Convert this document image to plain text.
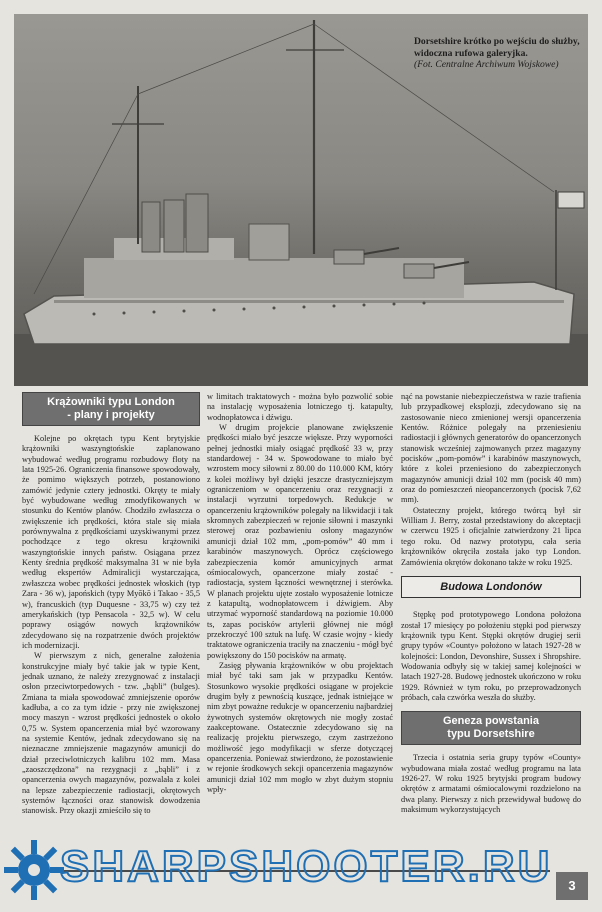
Dorsetshire krótko po wejściu do służby, widoczna rufowa galeryjka.
(Fot. Centralne Archiwum Wojskowe)
Krążowniki typu London
- plany i projekty

Kolejne po okrętach typu Kent brytyjskie krążowniki waszyngtońskie zaplanowano wybudować według programu rozbudowy floty na lata 1925-26. Ograniczenia finansowe spowodowały, że pomimo większych potrzeb, postanowiono zamówić jedynie cztery jednostki. Okręty te miały być wybudowane według zmodyfikowanych w stosunku do Kentów planów. Chodziło zwłaszcza o zwiększenie ich prędkości, która stale się miała porównywalna z prędkościami uzyskiwanymi przez pochodzące z tego okresu krążowniki waszyngtońskie innych państw. Osiągana przez Kenty średnia prędkość maksymalna 31 w nie była według ekspertów Admiralicji wystarczająca, zwłaszcza wobec prędkości jednostek włoskich (typ Zara - 36 w), japońskich (typy Myōkō i Takao - 35,5 w), francuskich (typ Duquesne - 33,75 w) czy też amerykańskich (typ Pensacola - 32,5 w). W celu poprawy osiągów nowych krążowników zdecydowano się na rozpatrzenie dwóch projektów ich modernizacji.

W pierwszym z nich, generalne założenia konstrukcyjne miały być takie jak w typie Kent, jednak uznano, że należy zrezygnować z instalacji osłon przeciwtorpedowych - tzw. „bąbli” (bulges). Zmiana ta miała spowodować zmniejszenie oporów kadłuba, a co za tym idzie - przy nie zwiększonej mocy maszyn - wzrost prędkości jednostek o około 0,75 w. System opancerzenia miał być wzorowany na systemie Kentów, jednak zdecydowano się na nieznaczne zmniejszenie magazynów amunicji do dział przeciwlotniczych kalibru 102 mm. Masa „zaoszczędzona” na rezygnacji z „bąbli” i z opancerzenia owych magazynów, pozwalała z kolei na lepsze zabezpieczenie radiostacji, okrętowych systemów łączności oraz stanowisk dowodzenia stanowisk. Przy okazji zmieściło się to

w limitach traktatowych - można było pozwolić sobie na instalację wyposażenia lotniczego tj. katapulty, wodnopłatowca i dźwigu.

W drugim projekcie planowane zwiększenie prędkości miało być jeszcze większe. Przy wyporności pełnej jednostki miały osiągać prędkość 33 w, przy standardowej - 34 w. Spowodowane to miało być wzrostem mocy siłowni z 80.00 do 110.000 KM, który z kolei możliwy był dzięki jeszcze drastyczniejszym ograniczeniom w opancerzeniu oraz rezygnacji z instalacji wyrzutni torpedowych. Redukcje w opancerzeniu krążowników polegały na likwidacji i tak skromnych zabezpieczeń w rejonie siłowni i maszynki sterowej oraz pozbawieniu osłony magazynów amunicji dział 102 mm, „pom-pomów” 40 mm i karabinów maszynowych. Oprócz częściowego zabezpieczenia komór amunicyjnych armat ośmiocalowych, opancerzone miały zostać - radiostacja, system łączności wewnętrznej i sterówka. W planach projektu ujęte zostało wyposażenie lotnicze z katapultą, wodnopłatowcem i dźwigiem. Aby utrzymać wyporność standardową na poziomie 10.000 ts, zapas pocisków artylerii głównej nie mógł przekroczyć 100 sztuk na lufę. W czasie wojny - kiedy traktatowe ograniczenia traciły na znaczeniu - mógł być powiększony do 150 pocisków na armatę.

Zasięg pływania krążowników w obu projektach miał być taki sam jak w przypadku Kentów. Stosunkowo wysokie prędkości osiągane w projekcie drugim były z pewnością kuszące, jednak istniejące w nim zbyt poważne redukcje w opancerzeniu najbardziej żywotnych systemów okrętowych nie mogły zostać zaakceptowane. Ostatecznie zdecydowano się na realizację projektu pierwszego, czym zastrzeżono możliwość jego modyfikacji w sferze dotyczącej opancerzenia. Ponieważ stwierdzono, że pozostawienie w rejonie środkowych sekcji opancerzenia magazynów amunicji dział 102 mm mogło w zbyt dużym stopniu wpły-

nąć na powstanie niebezpieczeństwa w razie trafienia lub przypadkowej eksplozji, zdecydowano się na zastosowanie nieco zmienionej wersji opancerzenia Kentów. Różnice polegały na przeniesieniu radiostacji i głównych generatorów do opancerzonych stanowisk wcześniej zajmowanych przez magazyny pocisków „pom-pomów” i karabinów maszynowych, które z kolei przeniesiono do zabezpieczonych magazynów amunicji dział 102 mm (pocisk 40 mm) oraz do pomieszczeń nieopancerzonych (pocisk 7,62 mm).

Ostateczny projekt, którego twórcą był sir William J. Berry, został przedstawiony do akceptacji w czerwcu 1925 i oficjalnie zatwierdzony 21 lipca tego roku. Od nazwy prototypu, cała seria krążowników okręciła została jako typ London. Zamówienia okrętów dokonano także w roku 1925.

Budowa Londonów

Stępkę pod prototypowego Londona położona został 17 miesięcy po położeniu stępki pod pierwszy krążownik typu Kent. Stępki okrętów drugiej serii grupy typów «County» położono w latach 1927-28 w kolejności: London, Devonshire, Sussex i Shropshire. Wodowania odbyły się w takiej samej kolejności w latach 1927-28. Budowę jednostek ukończono w roku 1929. Również w tym roku, po przeprowadzonych próbach, cała czwórka weszła do służby.

Geneza powstania
typu Dorsetshire

Trzecia i ostatnia seria grupy typów «County» wybudowana miała zostać według programu na lata 1926-27. W roku 1925 brytyjski program budowy okrętów z armatami ośmiocalowymi rozdzielono na dwa plany. Pierwszy z nich przewidywał budowę do maksimum wykorzystujących

SHARPSHOOTER.RU	3
